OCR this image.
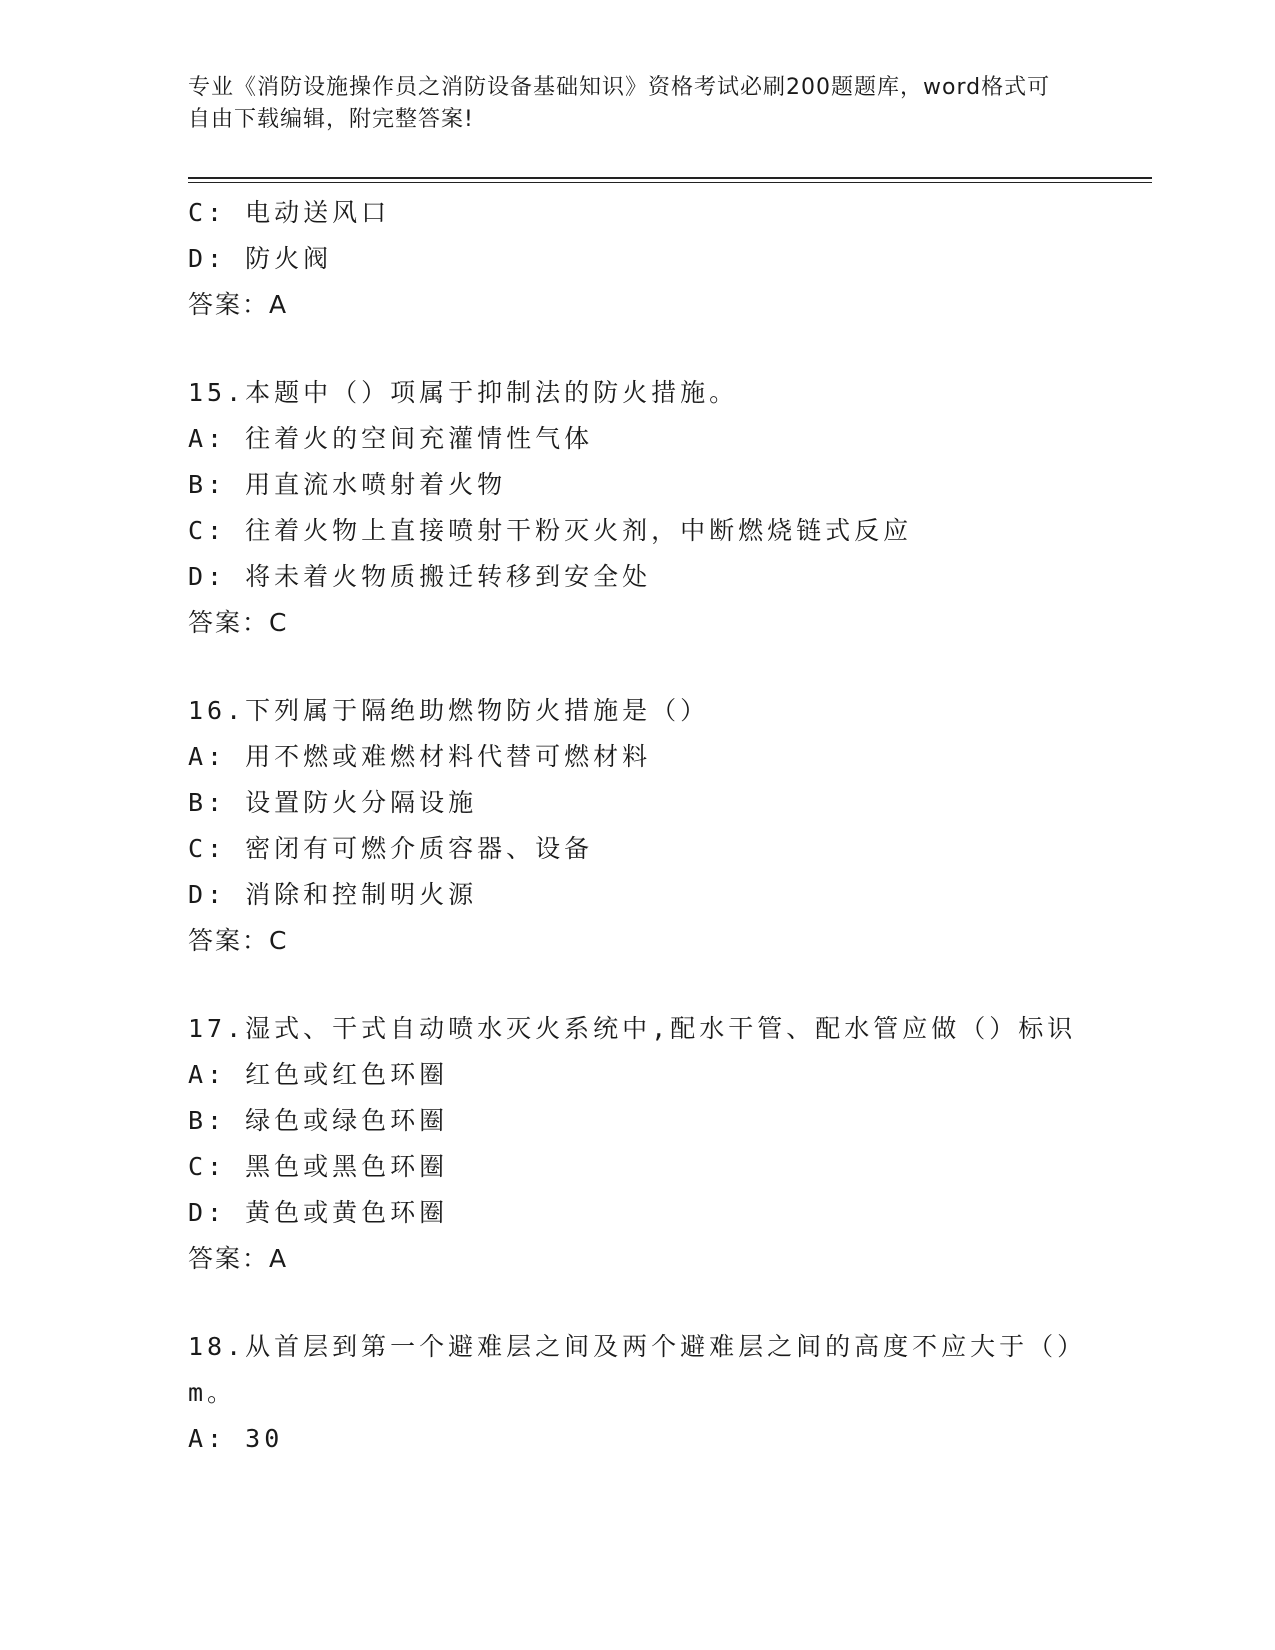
专业《消防设施操作员之消防设备基础知识》资格考试必刷200题题库，word格式可自由下载编辑，附完整答案!
C: 电动送风口
D: 防火阀
答案：A
15.本题中（）项属于抑制法的防火措施。
A: 往着火的空间充灌情性气体
B: 用直流水喷射着火物
C: 往着火物上直接喷射干粉灭火剂，中断燃烧链式反应
D: 将未着火物质搬迁转移到安全处
答案：C
16.下列属于隔绝助燃物防火措施是（）
A: 用不燃或难燃材料代替可燃材料
B: 设置防火分隔设施
C: 密闭有可燃介质容器、设备
D: 消除和控制明火源
答案：C
17.湿式、干式自动喷水灭火系统中,配水干管、配水管应做（）标识
A: 红色或红色环圈
B: 绿色或绿色环圈
C: 黑色或黑色环圈
D: 黄色或黄色环圈
答案：A
18.从首层到第一个避难层之间及两个避难层之间的高度不应大于（）
m。
A: 30
